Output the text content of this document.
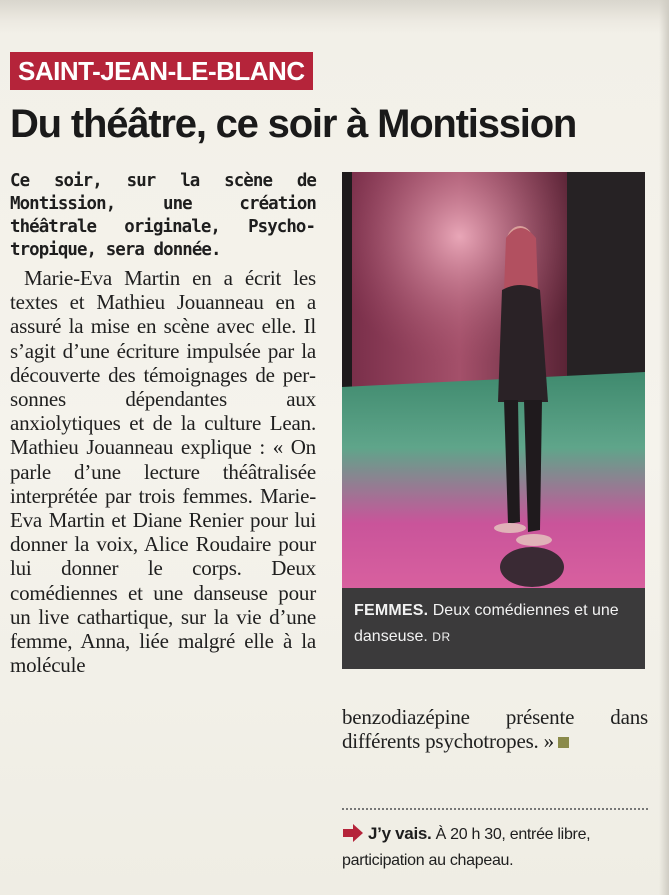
SAINT-JEAN-LE-BLANC
Du théâtre, ce soir à Montission

Ce soir, sur la scène de Montission, une création théâtrale originale, Psychotropique, sera donnée.

Marie-Eva Martin en a écrit les textes et Mathieu Jouanneau en a assuré la mise en scène avec elle. Il s’agit d’une écriture impulsée par la découverte des témoignages de personnes dépendantes aux anxiolytiques et de la culture Lean. Mathieu Jouanneau explique : « On parle d’une lecture théâtralisée interprétée par trois femmes. Marie-Eva Martin et Diane Renier pour lui donner la voix, Alice Roudaire pour lui donner le corps. Deux comédiennes et une danseuse pour un live cathartique, sur la vie d’une femme, Anna, liée malgré elle à la molécule

FEMMES. Deux comédiennes et une danseuse. DR

benzodiazépine présente dans différents psychotropes. »

J’y vais. À 20 h 30, entrée libre, participation au chapeau.
